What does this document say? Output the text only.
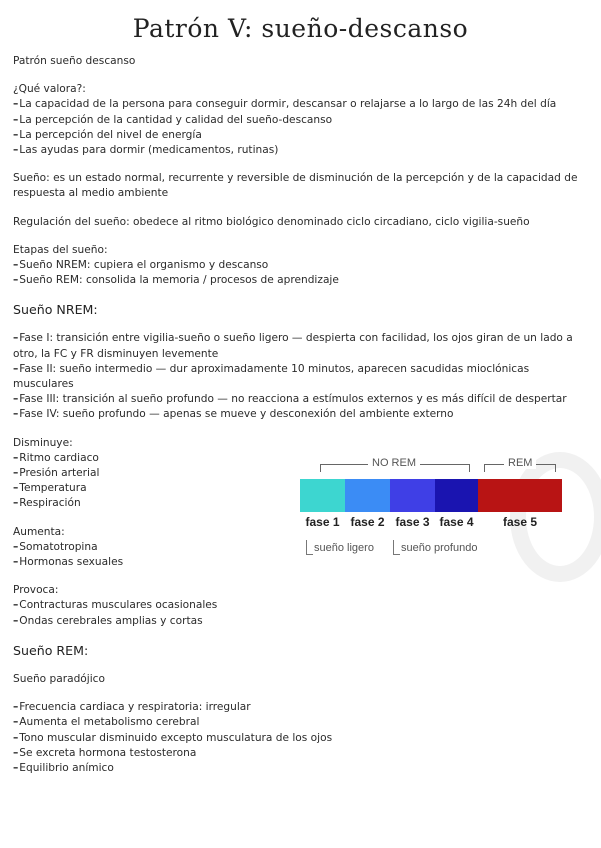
Patrón V: sueño-descanso

Patrón sueño descanso

¿Qué valora?:

– La capacidad de la persona para conseguir dormir, descansar o relajarse a lo largo de las 24h del día

– La percepción de la cantidad y calidad del sueño-descanso

– La percepción del nivel de energía

– Las ayudas para dormir (medicamentos, rutinas)

Sueño: es un estado normal, recurrente y reversible de disminución de la percepción y de la capacidad de respuesta al medio ambiente

Regulación del sueño: obedece al ritmo biológico denominado ciclo circadiano, ciclo vigilia-sueño

Etapas del sueño:

– Sueño NREM: cupiera el organismo y descanso

– Sueño REM: consolida la memoria / procesos de aprendizaje

Sueño NREM:

– Fase I: transición entre vigilia-sueño o sueño ligero — despierta con facilidad, los ojos giran de un lado a otro, la FC y FR disminuyen levemente

– Fase II: sueño intermedio — dur aproximadamente 10 minutos, aparecen sacudidas mioclónicas musculares

– Fase III: transición al sueño profundo — no reacciona a estímulos externos y es más difícil de despertar

– Fase IV: sueño profundo — apenas se mueve y desconexión del ambiente externo

Disminuye:

– Ritmo cardiaco

– Presión arterial

– Temperatura

– Respiración

Aumenta:

– Somatotropina

– Hormonas sexuales

Provoca:

– Contracturas musculares ocasionales

– Ondas cerebrales amplias y cortas

Sueño REM:

Sueño paradójico

– Frecuencia cardiaca y respiratoria: irregular

– Aumenta el metabolismo cerebral

– Tono muscular disminuido excepto musculatura de los ojos

– Se excreta hormona testosterona

– Equilibrio anímico

NO REM	REM
fase 1 fase 2 fase 3 fase 4	fase 5
sueño ligero sueño profundo
